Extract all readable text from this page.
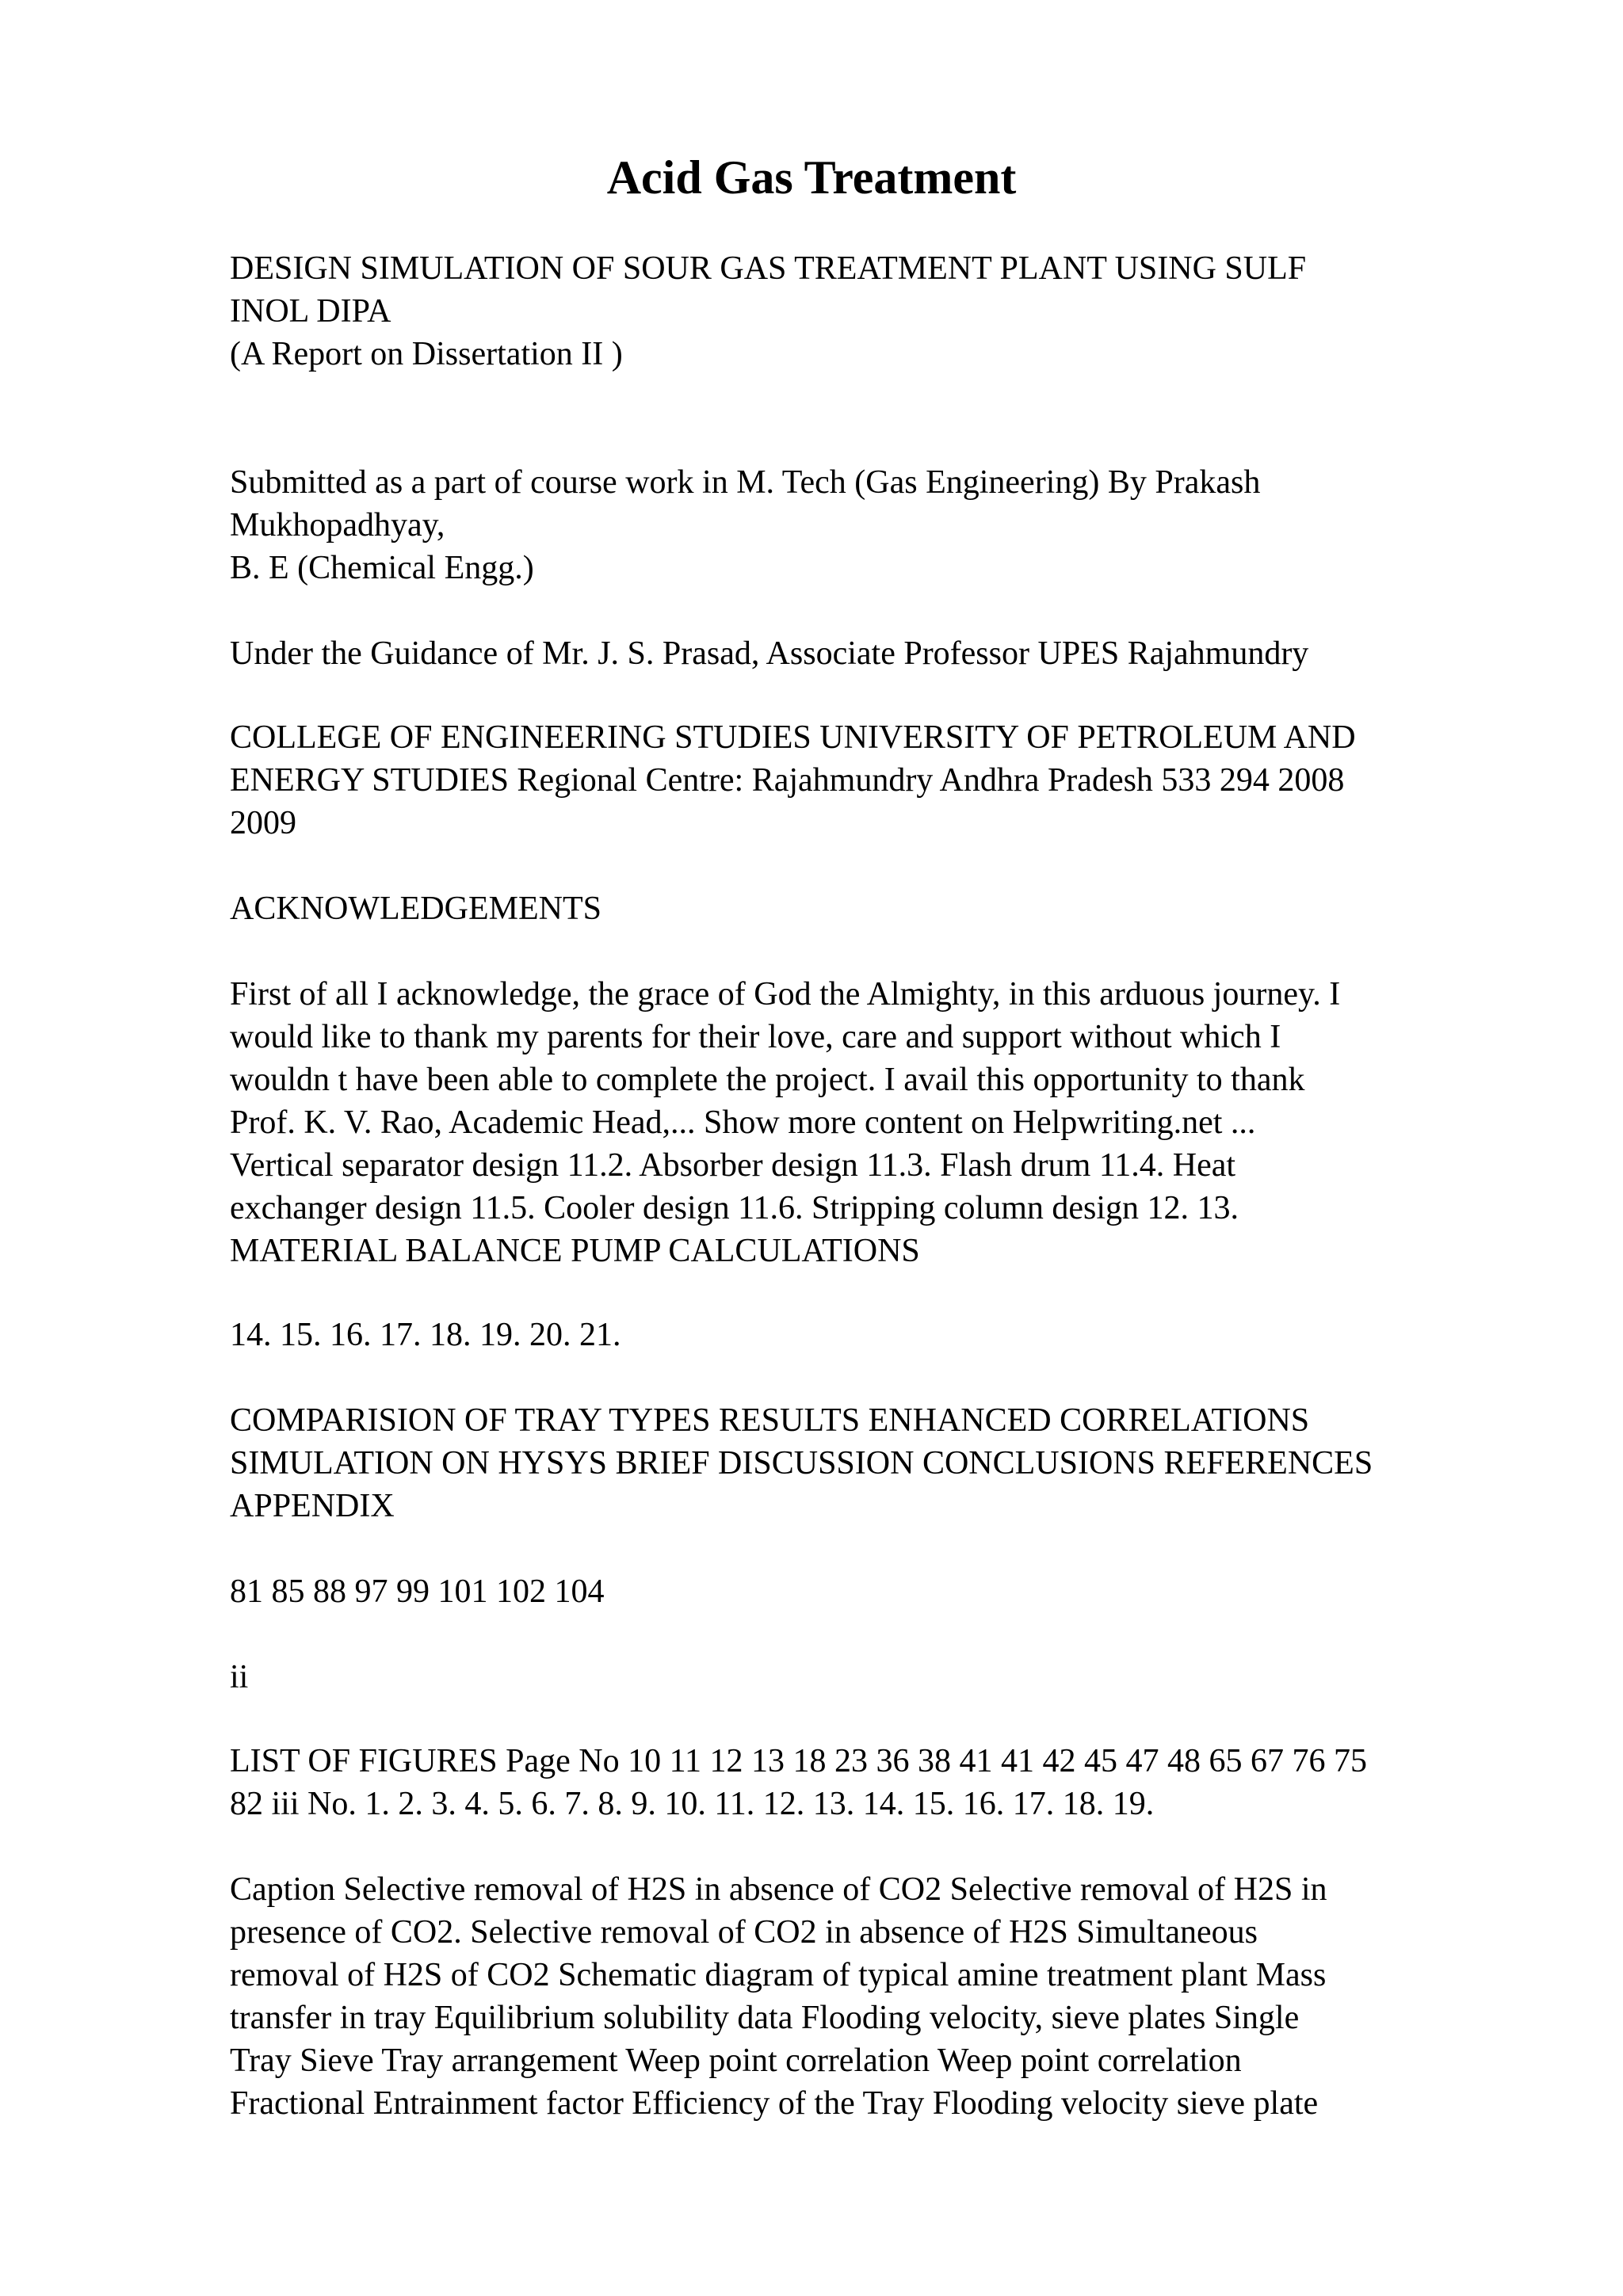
Acid Gas Treatment

DESIGN SIMULATION OF SOUR GAS TREATMENT PLANT USING SULF
INOL DIPA

(A Report on Dissertation II )

Submitted as a part of course work in M. Tech (Gas Engineering) By Prakash
Mukhopadhyay,
B. E (Chemical Engg.)

Under the Guidance of Mr. J. S. Prasad, Associate Professor UPES Rajahmundry

COLLEGE OF ENGINEERING STUDIES UNIVERSITY OF PETROLEUM AND
ENERGY STUDIES Regional Centre: Rajahmundry Andhra Pradesh 533 294 2008
2009

ACKNOWLEDGEMENTS

First of all I acknowledge, the grace of God the Almighty, in this arduous journey. I
would like to thank my parents for their love, care and support without which I
wouldn t have been able to complete the project. I avail this opportunity to thank
Prof. K. V. Rao, Academic Head,... Show more content on Helpwriting.net ...
Vertical separator design 11.2. Absorber design 11.3. Flash drum 11.4. Heat
exchanger design 11.5. Cooler design 11.6. Stripping column design 12. 13.
MATERIAL BALANCE PUMP CALCULATIONS

14. 15. 16. 17. 18. 19. 20. 21.

COMPARISION OF TRAY TYPES RESULTS ENHANCED CORRELATIONS
SIMULATION ON HYSYS BRIEF DISCUSSION CONCLUSIONS REFERENCES
APPENDIX

81 85 88 97 99 101 102 104

ii

LIST OF FIGURES Page No 10 11 12 13 18 23 36 38 41 41 42 45 47 48 65 67 76 75
82 iii No. 1. 2. 3. 4. 5. 6. 7. 8. 9. 10. 11. 12. 13. 14. 15. 16. 17. 18. 19.

Caption Selective removal of H2S in absence of CO2 Selective removal of H2S in
presence of CO2. Selective removal of CO2 in absence of H2S Simultaneous
removal of H2S of CO2 Schematic diagram of typical amine treatment plant Mass
transfer in tray Equilibrium solubility data Flooding velocity, sieve plates Single
Tray Sieve Tray arrangement Weep point correlation Weep point correlation
Fractional Entrainment factor Efficiency of the Tray Flooding velocity sieve plate
